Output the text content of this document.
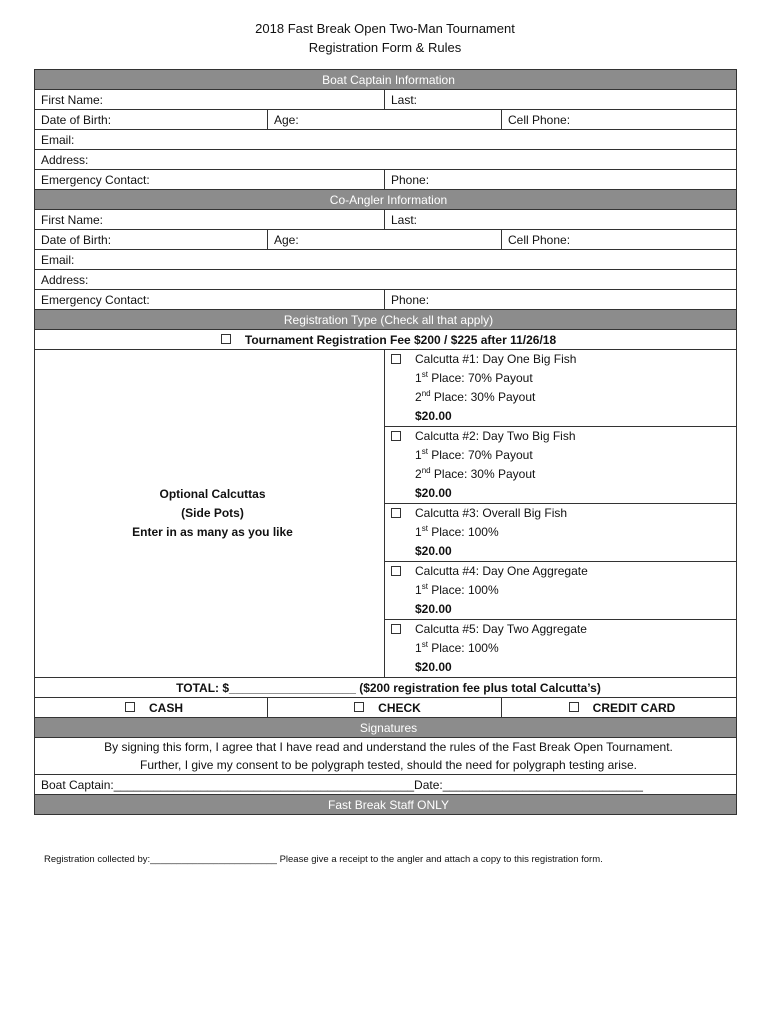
2018 Fast Break Open Two-Man Tournament
Registration Form & Rules
Boat Captain Information			
First Name:		Last:	
Date of Birth:	Age:		Cell Phone:
Email:			
Address:			
Emergency Contact:		Phone:	
Co-Angler Information			
First Name:		Last:	
Date of Birth:	Age:		Cell Phone:
Email:			
Address:			
Emergency Contact:		Phone:	
Registration Type (Check all that apply)			
Tournament Registration Fee $200 / $225 after 11/26/18			

Optional Calcuttas
(Side Pots)
Enter in as many as you like		Calcutta #1: Day One Big Fish
1st Place: 70% Payout
2nd Place: 30% Payout
$20.00	

		Calcutta #2: Day Two Big Fish
1st Place: 70% Payout
2nd Place: 30% Payout
$20.00	

		Calcutta #3: Overall Big Fish
1st Place: 100%
$20.00	

		Calcutta #4: Day One Aggregate
1st Place: 100%
$20.00	

		Calcutta #5: Day Two Aggregate
1st Place: 100%
$20.00	

TOTAL: $___________________ ($200 registration fee plus total Calcutta’s)			
CASH	CHECK		CREDIT CARD
Signatures			

By signing this form, I agree that I have read and understand the rules of the Fast Break Open Tournament.
Further, I give my consent to be polygraph tested, should the need for polygraph testing arise.			

Boat Captain:_____________________________________________Date:______________________________			
Fast Break Staff ONLY			
Registration collected by:________________________ Please give a receipt to the angler and attach a copy to this registration form.
